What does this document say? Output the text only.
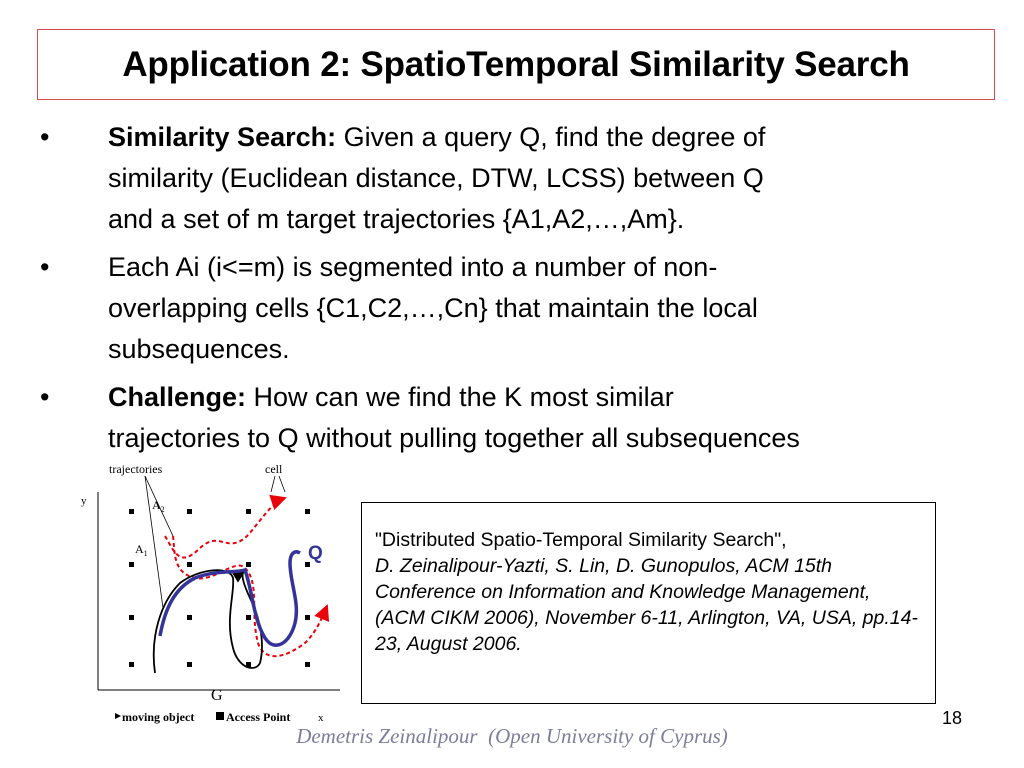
Application 2: SpatioTemporal Similarity Search
• Similarity Search: Given a query Q, find the degree of
similarity (Euclidean distance, DTW, LCSS) between Q
and a set of m target trajectories {A1,A2,…,Am}.
• Each Ai (i<=m) is segmented into a number of non-
overlapping cells {C1,C2,…,Cn} that maintain the local
subsequences.
• Challenge: How can we find the K most similar
trajectories to Q without pulling together all subsequences
y
x
trajectories	cell
$A_2$
$A_1$	Q
G
moving object	Access Point
"Distributed Spatio-Temporal Similarity Search",
D. Zeinalipour-Yazti, S. Lin, D. Gunopulos, ACM 15th Conference on Information and Knowledge Management, (ACM CIKM 2006), November 6-11, Arlington, VA, USA, pp.14-23, August 2006.
18
Demetris Zeinalipour  (Open University of Cyprus)
